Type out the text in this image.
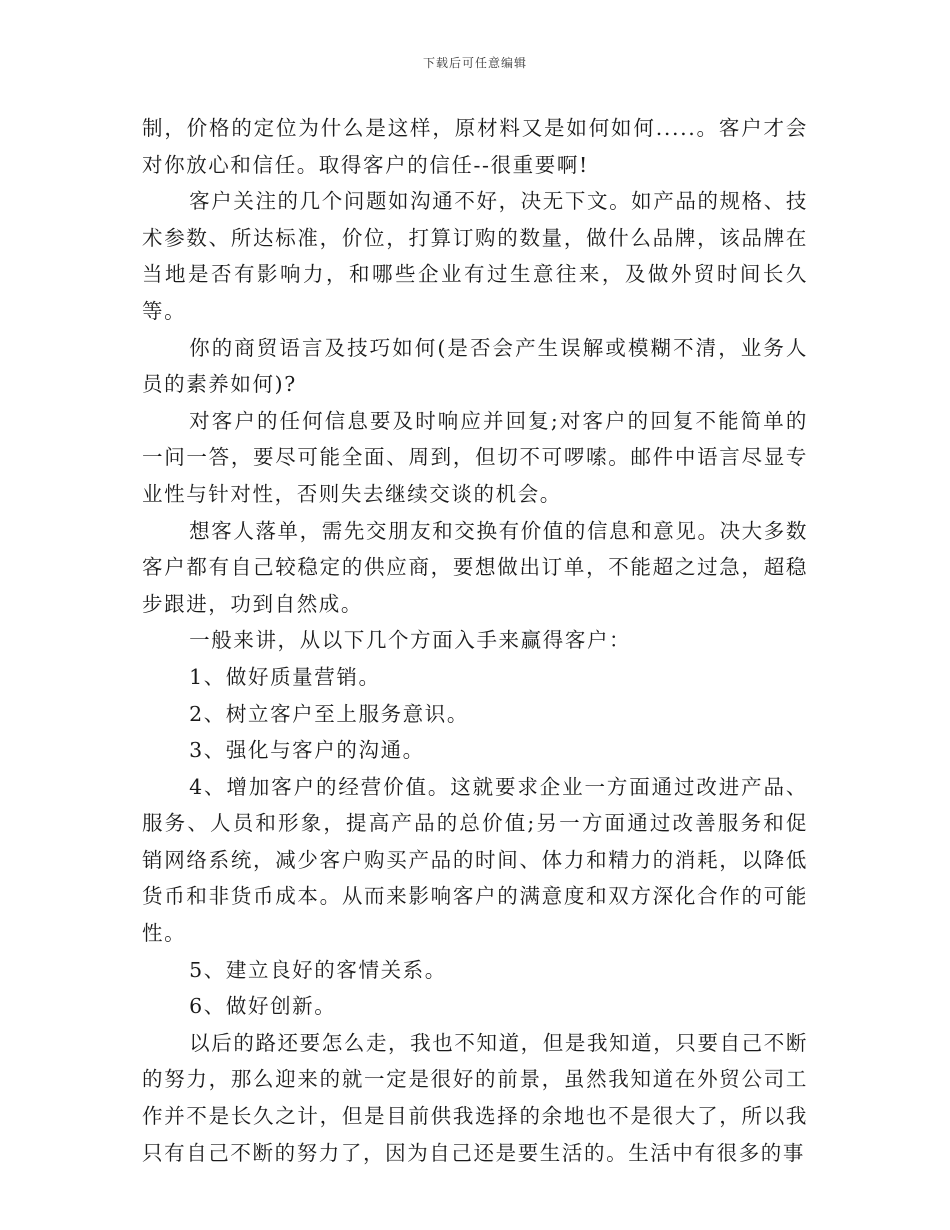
下载后可任意编辑

制，价格的定位为什么是这样，原材料又是如何如何.....。客户才会对你放心和信任。取得客户的信任--很重要啊!

客户关注的几个问题如沟通不好，决无下文。如产品的规格、技术参数、所达标准，价位，打算订购的数量，做什么品牌，该品牌在当地是否有影响力，和哪些企业有过生意往来，及做外贸时间长久等。

你的商贸语言及技巧如何(是否会产生误解或模糊不清，业务人员的素养如何)?

对客户的任何信息要及时响应并回复;对客户的回复不能简单的一问一答，要尽可能全面、周到，但切不可啰嗦。邮件中语言尽显专业性与针对性，否则失去继续交谈的机会。

想客人落单，需先交朋友和交换有价值的信息和意见。决大多数客户都有自己较稳定的供应商，要想做出订单，不能超之过急，超稳步跟进，功到自然成。

一般来讲，从以下几个方面入手来赢得客户：

1、做好质量营销。

2、树立客户至上服务意识。

3、强化与客户的沟通。

4、增加客户的经营价值。这就要求企业一方面通过改进产品、服务、人员和形象，提高产品的总价值;另一方面通过改善服务和促销网络系统，减少客户购买产品的时间、体力和精力的消耗，以降低货币和非货币成本。从而来影响客户的满意度和双方深化合作的可能性。

5、建立良好的客情关系。

6、做好创新。

以后的路还要怎么走，我也不知道，但是我知道，只要自己不断的努力，那么迎来的就一定是很好的前景，虽然我知道在外贸公司工作并不是长久之计，但是目前供我选择的余地也不是很大了，所以我只有自己不断的努力了，因为自己还是要生活的。生活中有很多的事
